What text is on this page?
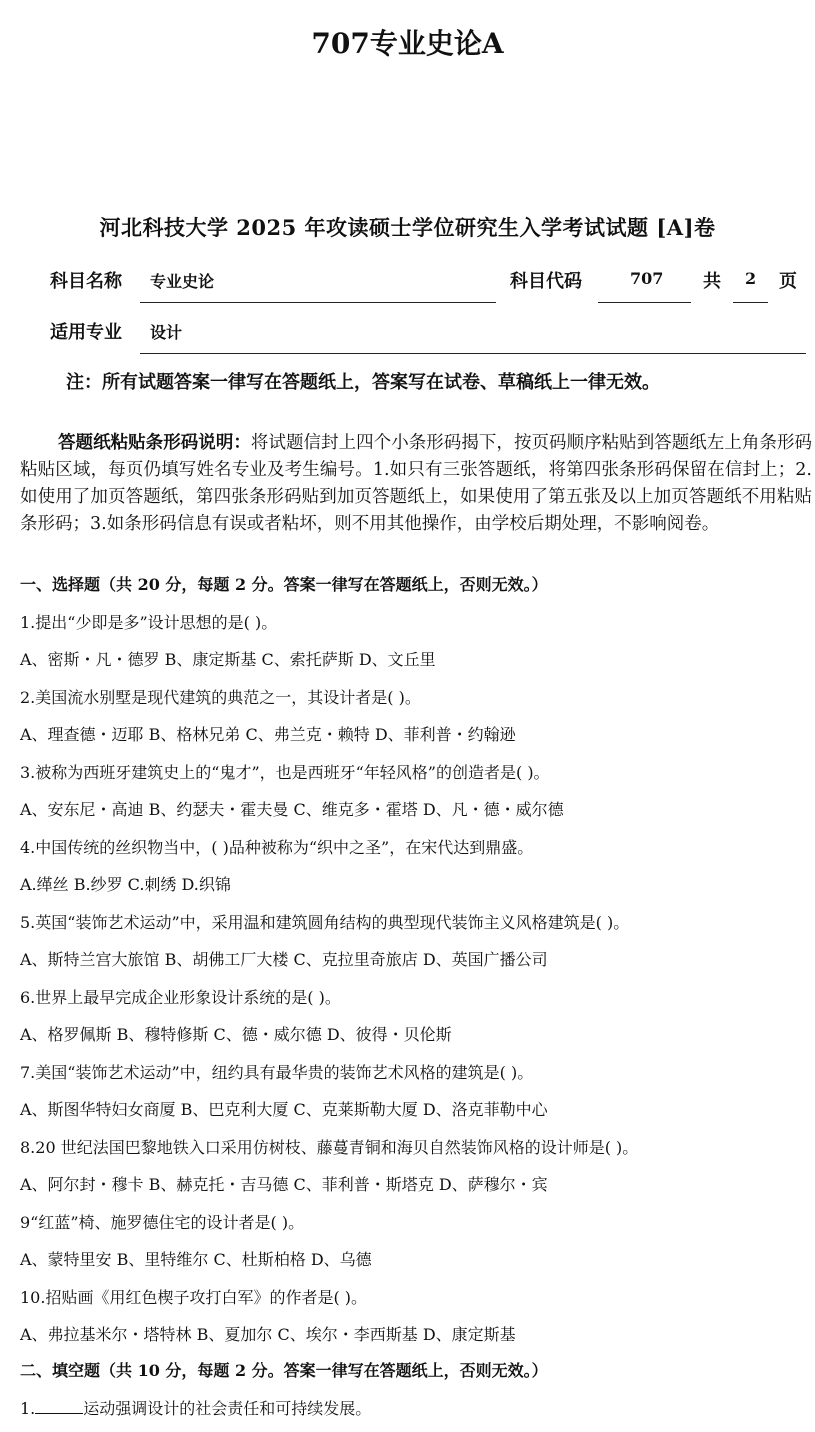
707专业史论A
河北科技大学 2025 年攻读硕士学位研究生入学考试试题 [A]卷
科目名称 专业史论	科目代码	707 共 2 页
适用专业 设计
注：所有试题答案一律写在答题纸上，答案写在试卷、草稿纸上一律无效。
答题纸粘贴条形码说明：将试题信封上四个小条形码揭下，按页码顺序粘贴到答题纸左上角条形码粘贴区域，每页仍填写姓名专业及考生编号。1.如只有三张答题纸，将第四张条形码保留在信封上；2.如使用了加页答题纸，第四张条形码贴到加页答题纸上，如果使用了第五张及以上加页答题纸不用粘贴条形码；3.如条形码信息有误或者粘坏，则不用其他操作，由学校后期处理，不影响阅卷。
一、选择题（共 20 分，每题 2 分。答案一律写在答题纸上，否则无效。）
1.提出“少即是多”设计思想的是( )。
A、密斯・凡・德罗 B、康定斯基 C、索托萨斯 D、文丘里
2.美国流水别墅是现代建筑的典范之一，其设计者是( )。
A、理查德・迈耶 B、格林兄弟 C、弗兰克・赖特 D、菲利普・约翰逊
3.被称为西班牙建筑史上的“鬼才”，也是西班牙“年轻风格”的创造者是( )。
A、安东尼・高迪 B、约瑟夫・霍夫曼 C、维克多・霍塔 D、凡・德・威尔德
4.中国传统的丝织物当中，( )品种被称为“织中之圣”，在宋代达到鼎盛。
A.缂丝 B.纱罗 C.刺绣 D.织锦
5.英国“装饰艺术运动”中，采用温和建筑圆角结构的典型现代装饰主义风格建筑是( )。
A、斯特兰宫大旅馆 B、胡佛工厂大楼 C、克拉里奇旅店 D、英国广播公司
6.世界上最早完成企业形象设计系统的是( )。
A、格罗佩斯 B、穆特修斯 C、德・威尔德 D、彼得・贝伦斯
7.美国“装饰艺术运动”中，纽约具有最华贵的装饰艺术风格的建筑是( )。
A、斯图华特妇女商厦 B、巴克利大厦 C、克莱斯勒大厦 D、洛克菲勒中心
8.20 世纪法国巴黎地铁入口采用仿树枝、藤蔓青铜和海贝自然装饰风格的设计师是( )。
A、阿尔封・穆卡 B、赫克托・吉马德 C、菲利普・斯塔克 D、萨穆尔・宾
9“红蓝”椅、施罗德住宅的设计者是( )。
A、蒙特里安 B、里特维尔 C、杜斯柏格 D、乌德
10.招贴画《用红色楔子攻打白军》的作者是( )。
A、弗拉基米尔・塔特林 B、夏加尔 C、埃尔・李西斯基 D、康定斯基
二、填空题（共 10 分，每题 2 分。答案一律写在答题纸上，否则无效。）
1.	运动强调设计的社会责任和可持续发展。
